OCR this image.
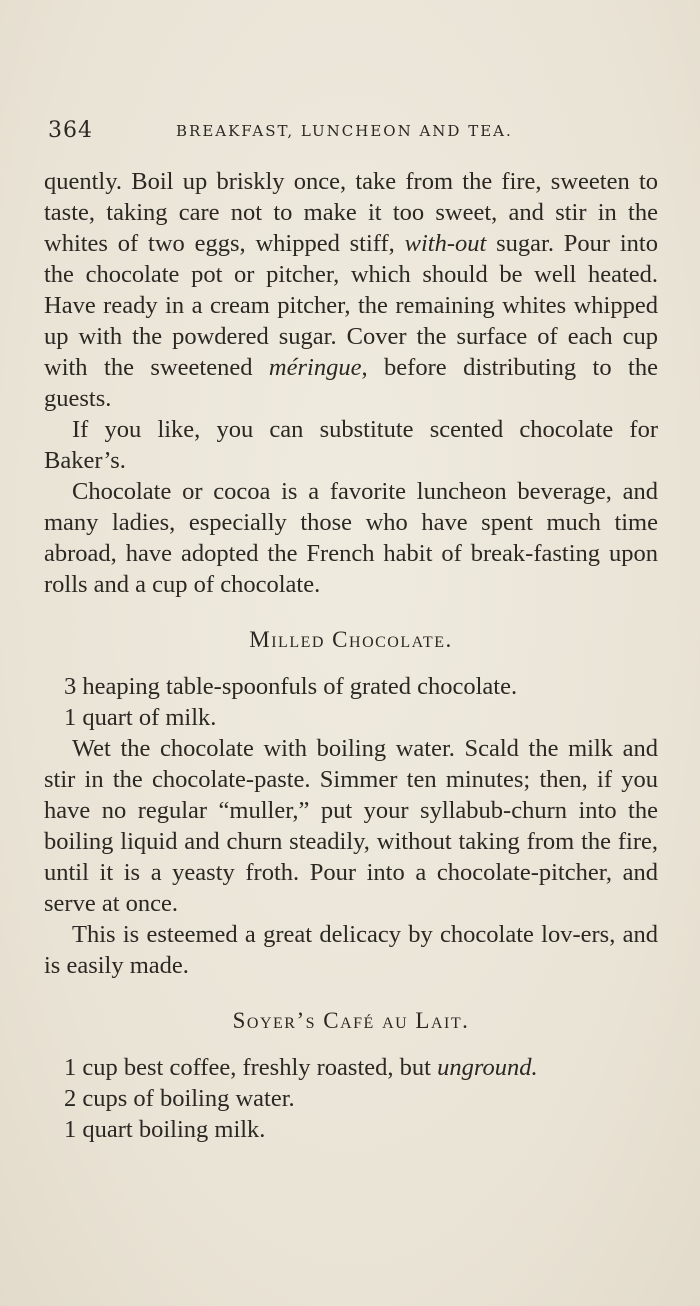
364	BREAKFAST, LUNCHEON AND TEA.

quently. Boil up briskly once, take from the fire, sweeten to taste, taking care not to make it too sweet, and stir in the whites of two eggs, whipped stiff, with-out sugar. Pour into the chocolate pot or pitcher, which should be well heated. Have ready in a cream pitcher, the remaining whites whipped up with the powdered sugar. Cover the surface of each cup with the sweetened méringue, before distributing to the guests.

If you like, you can substitute scented chocolate for Baker’s.

Chocolate or cocoa is a favorite luncheon beverage, and many ladies, especially those who have spent much time abroad, have adopted the French habit of break-fasting upon rolls and a cup of chocolate.

Milled Chocolate.
3 heaping table-spoonfuls of grated chocolate.
1 quart of milk.

Wet the chocolate with boiling water. Scald the milk and stir in the chocolate-paste. Simmer ten minutes; then, if you have no regular “muller,” put your syllabub-churn into the boiling liquid and churn steadily, without taking from the fire, until it is a yeasty froth. Pour into a chocolate-pitcher, and serve at once.

This is esteemed a great delicacy by chocolate lov-ers, and is easily made.

Soyer’s Café au Lait.
1 cup best coffee, freshly roasted, but unground.
2 cups of boiling water.
1 quart boiling milk.
